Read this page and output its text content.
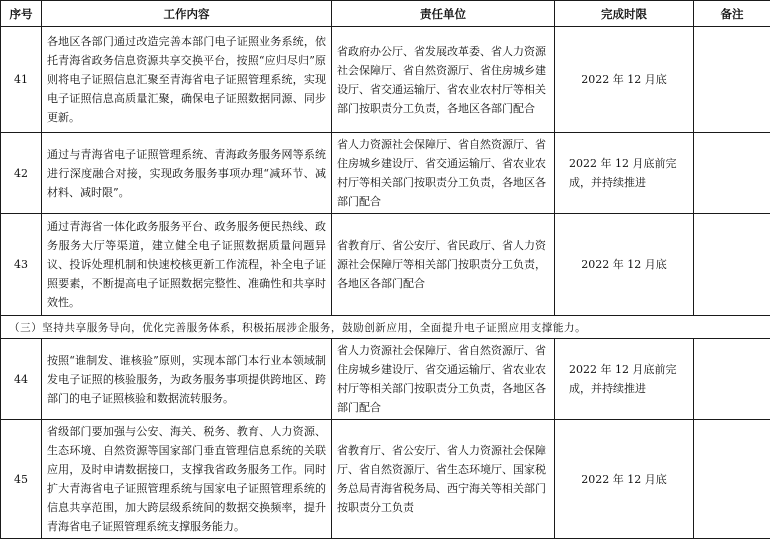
序号	工作内容	责任单位	完成时限	备注
41	各地区各部门通过改造完善本部门电子证照业务系统，依托青海省政务信息资源共享交换平台，按照“应归尽归”原则将电子证照信息汇聚至青海省电子证照管理系统，实现电子证照信息高质量汇聚，确保电子证照数据同源、同步更新。	省政府办公厅、省发展改革委、省人力资源社会保障厅、省自然资源厅、省住房城乡建设厅、省交通运输厅、省农业农村厅等相关部门按职责分工负责，各地区各部门配合	2022 年 12 月底	
42	通过与青海省电子证照管理系统、青海政务服务网等系统进行深度融合对接，实现政务服务事项办理“减环节、减材料、减时限”。	省人力资源社会保障厅、省自然资源厅、省住房城乡建设厅、省交通运输厅、省农业农村厅等相关部门按职责分工负责，各地区各部门配合	2022 年 12 月底前完成，并持续推进	
43	通过青海省一体化政务服务平台、政务服务便民热线、政务服务大厅等渠道，建立健全电子证照数据质量问题异议、投诉处理机制和快速校核更新工作流程，补全电子证照要素，不断提高电子证照数据完整性、准确性和共享时效性。	省教育厅、省公安厅、省民政厅、省人力资源社会保障厅等相关部门按职责分工负责，各地区各部门配合	2022 年 12 月底	
（三）坚持共享服务导向，优化完善服务体系，积极拓展涉企服务，鼓励创新应用，全面提升电子证照应用支撑能力。				
44	按照“谁制发、谁核验”原则，实现本部门本行业本领域制发电子证照的核验服务，为政务服务事项提供跨地区、跨部门的电子证照核验和数据流转服务。	省人力资源社会保障厅、省自然资源厅、省住房城乡建设厅、省交通运输厅、省农业农村厅等相关部门按职责分工负责，各地区各部门配合	2022 年 12 月底前完成，并持续推进	
45	省级部门要加强与公安、海关、税务、教育、人力资源、生态环境、自然资源等国家部门垂直管理信息系统的关联应用，及时申请数据接口，支撑我省政务服务工作。同时扩大青海省电子证照管理系统与国家电子证照管理系统的信息共享范围，加大跨层级系统间的数据交换频率，提升青海省电子证照管理系统支撑服务能力。	省教育厅、省公安厅、省人力资源社会保障厅、省自然资源厅、省生态环境厅、国家税务总局青海省税务局、西宁海关等相关部门按职责分工负责	2022 年 12 月底	
